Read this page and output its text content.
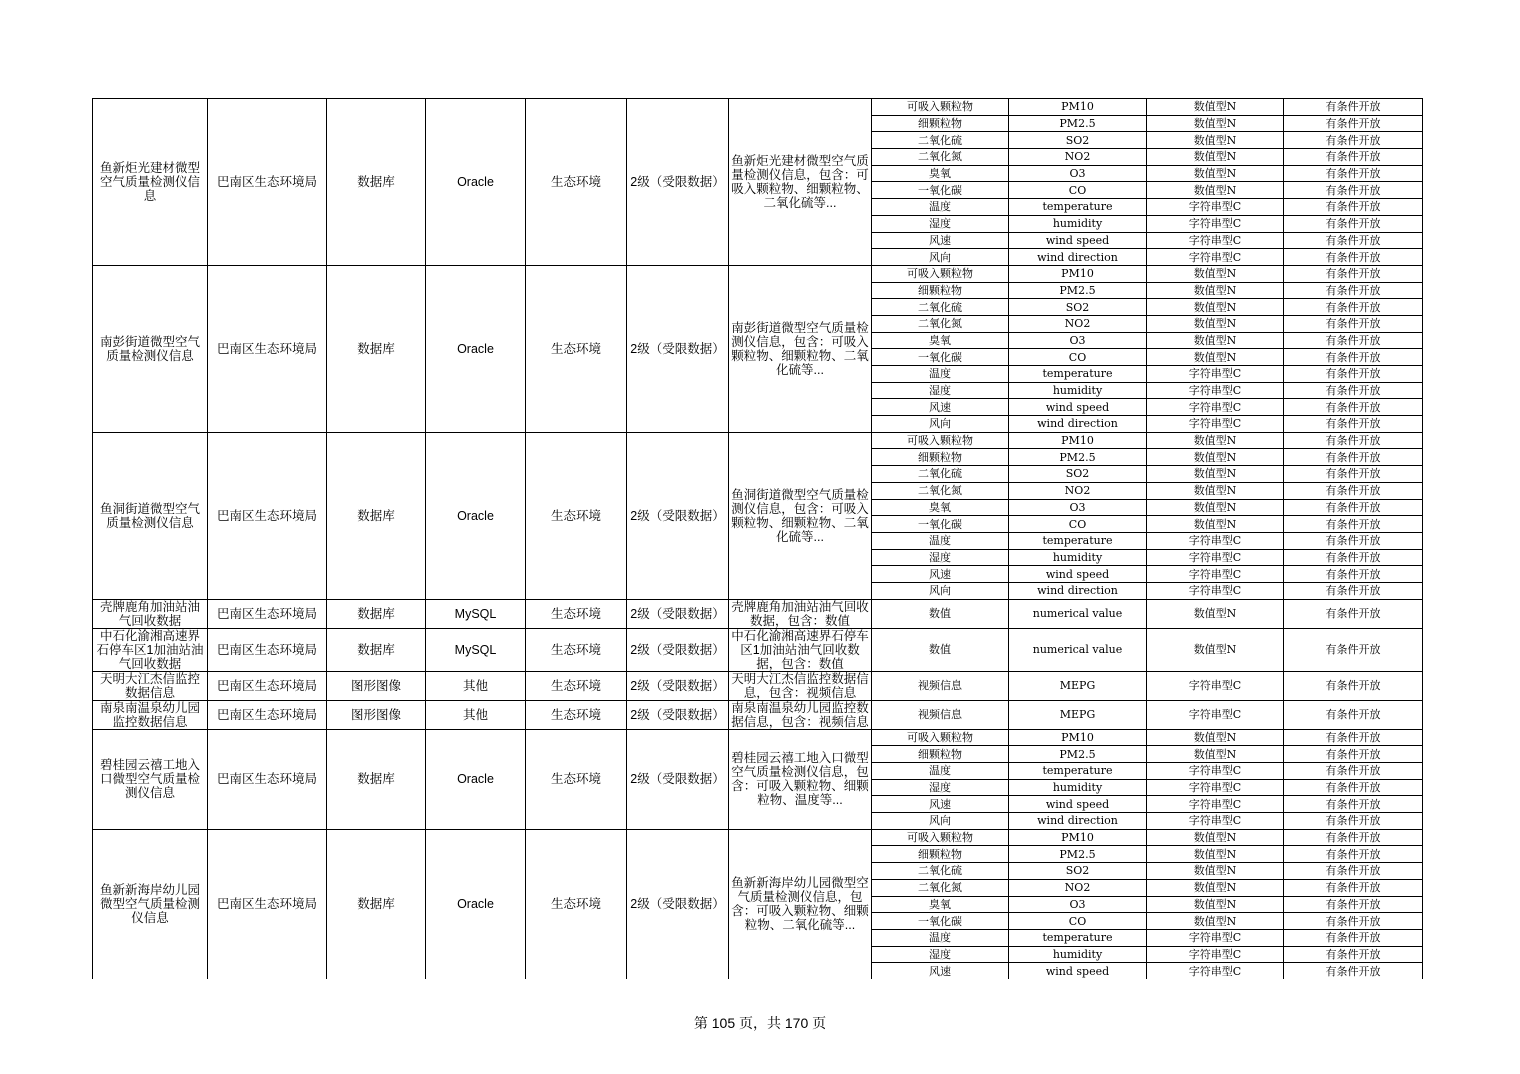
鱼新炬光建材微型空气质量检测仪信息	巴南区生态环境局	数据库	Oracle	生态环境	2级（受限数据）	鱼新炬光建材微型空气质量检测仪信息，包含：可吸入颗粒物、细颗粒物、二氧化硫等...	可吸入颗粒物	PM10	数值型N	有条件开放
							细颗粒物	PM2.5	数值型N	有条件开放
							二氧化硫	SO2	数值型N	有条件开放
							二氧化氮	NO2	数值型N	有条件开放
							臭氧	O3	数值型N	有条件开放
							一氧化碳	CO	数值型N	有条件开放
							温度	temperature	字符串型C	有条件开放
							湿度	humidity	字符串型C	有条件开放
							风速	wind speed	字符串型C	有条件开放
							风向	wind direction	字符串型C	有条件开放
南彭街道微型空气质量检测仪信息	巴南区生态环境局	数据库	Oracle	生态环境	2级（受限数据）	南彭街道微型空气质量检测仪信息，包含：可吸入颗粒物、细颗粒物、二氧化硫等...	可吸入颗粒物	PM10	数值型N	有条件开放
							细颗粒物	PM2.5	数值型N	有条件开放
							二氧化硫	SO2	数值型N	有条件开放
							二氧化氮	NO2	数值型N	有条件开放
							臭氧	O3	数值型N	有条件开放
							一氧化碳	CO	数值型N	有条件开放
							温度	temperature	字符串型C	有条件开放
							湿度	humidity	字符串型C	有条件开放
							风速	wind speed	字符串型C	有条件开放
							风向	wind direction	字符串型C	有条件开放
鱼洞街道微型空气质量检测仪信息	巴南区生态环境局	数据库	Oracle	生态环境	2级（受限数据）	鱼洞街道微型空气质量检测仪信息，包含：可吸入颗粒物、细颗粒物、二氧化硫等...	可吸入颗粒物	PM10	数值型N	有条件开放
							细颗粒物	PM2.5	数值型N	有条件开放
							二氧化硫	SO2	数值型N	有条件开放
							二氧化氮	NO2	数值型N	有条件开放
							臭氧	O3	数值型N	有条件开放
							一氧化碳	CO	数值型N	有条件开放
							温度	temperature	字符串型C	有条件开放
							湿度	humidity	字符串型C	有条件开放
							风速	wind speed	字符串型C	有条件开放
							风向	wind direction	字符串型C	有条件开放
壳牌鹿角加油站油气回收数据	巴南区生态环境局	数据库	MySQL	生态环境	2级（受限数据）	壳牌鹿角加油站油气回收数据，包含：数值	数值	numerical value	数值型N	有条件开放
中石化渝湘高速界石停车区1加油站油气回收数据	巴南区生态环境局	数据库	MySQL	生态环境	2级（受限数据）	中石化渝湘高速界石停车区1加油站油气回收数据，包含：数值	数值	numerical value	数值型N	有条件开放
天明大江杰信监控数据信息	巴南区生态环境局	图形图像	其他	生态环境	2级（受限数据）	天明大江杰信监控数据信息，包含：视频信息	视频信息	MEPG	字符串型C	有条件开放
南泉南温泉幼儿园监控数据信息	巴南区生态环境局	图形图像	其他	生态环境	2级（受限数据）	南泉南温泉幼儿园监控数据信息，包含：视频信息	视频信息	MEPG	字符串型C	有条件开放
碧桂园云禧工地入口微型空气质量检测仪信息	巴南区生态环境局	数据库	Oracle	生态环境	2级（受限数据）	碧桂园云禧工地入口微型空气质量检测仪信息，包含：可吸入颗粒物、细颗粒物、温度等...	可吸入颗粒物	PM10	数值型N	有条件开放
							细颗粒物	PM2.5	数值型N	有条件开放
							温度	temperature	字符串型C	有条件开放
							湿度	humidity	字符串型C	有条件开放
							风速	wind speed	字符串型C	有条件开放
							风向	wind direction	字符串型C	有条件开放
鱼新新海岸幼儿园微型空气质量检测仪信息	巴南区生态环境局	数据库	Oracle	生态环境	2级（受限数据）	鱼新新海岸幼儿园微型空气质量检测仪信息，包含：可吸入颗粒物、细颗粒物、二氧化硫等...	可吸入颗粒物	PM10	数值型N	有条件开放
							细颗粒物	PM2.5	数值型N	有条件开放
							二氧化硫	SO2	数值型N	有条件开放
							二氧化氮	NO2	数值型N	有条件开放
							臭氧	O3	数值型N	有条件开放
							一氧化碳	CO	数值型N	有条件开放
							温度	temperature	字符串型C	有条件开放
							湿度	humidity	字符串型C	有条件开放
							风速	wind speed	字符串型C	有条件开放
第 105 页，共 170 页
